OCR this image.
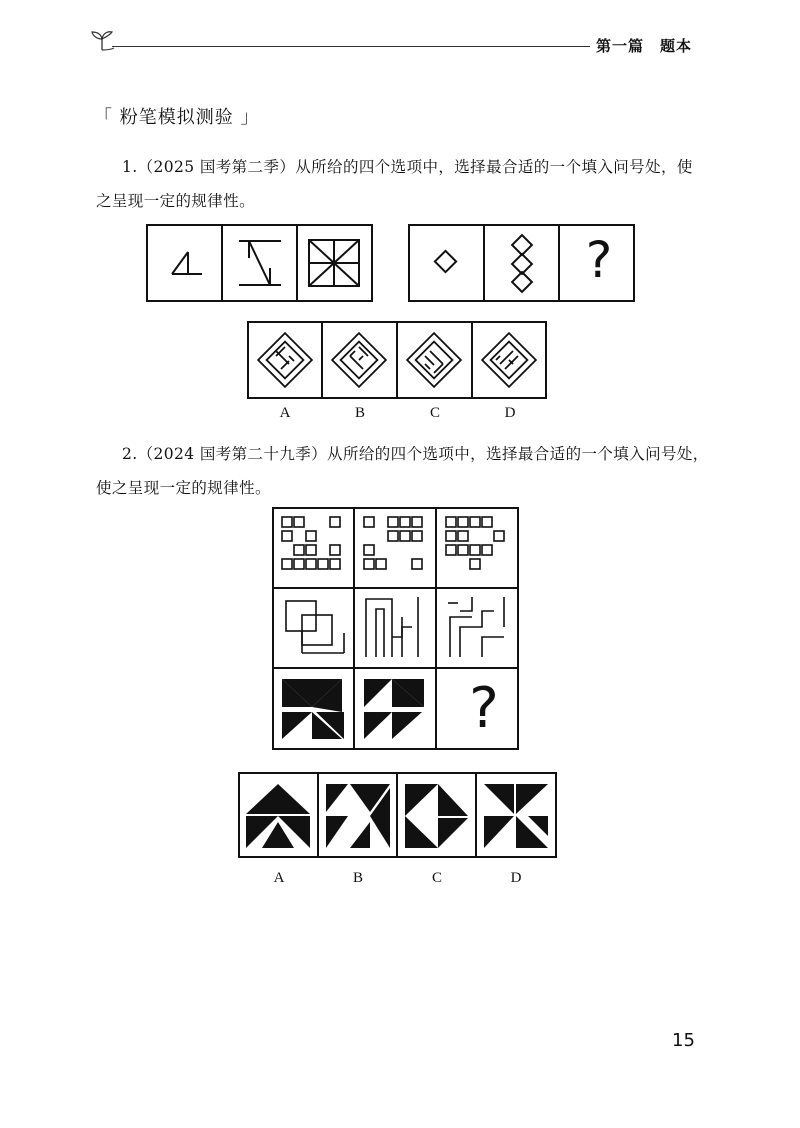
第一篇　题本
「 粉笔模拟测验 」
1.（2025 国考第二季）从所给的四个选项中，选择最合适的一个填入问号处，使
之呈现一定的规律性。
?
A	B	C	D
2.（2024 国考第二十九季）从所给的四个选项中，选择最合适的一个填入问号处，
使之呈现一定的规律性。
?
A	B	C	D
15
